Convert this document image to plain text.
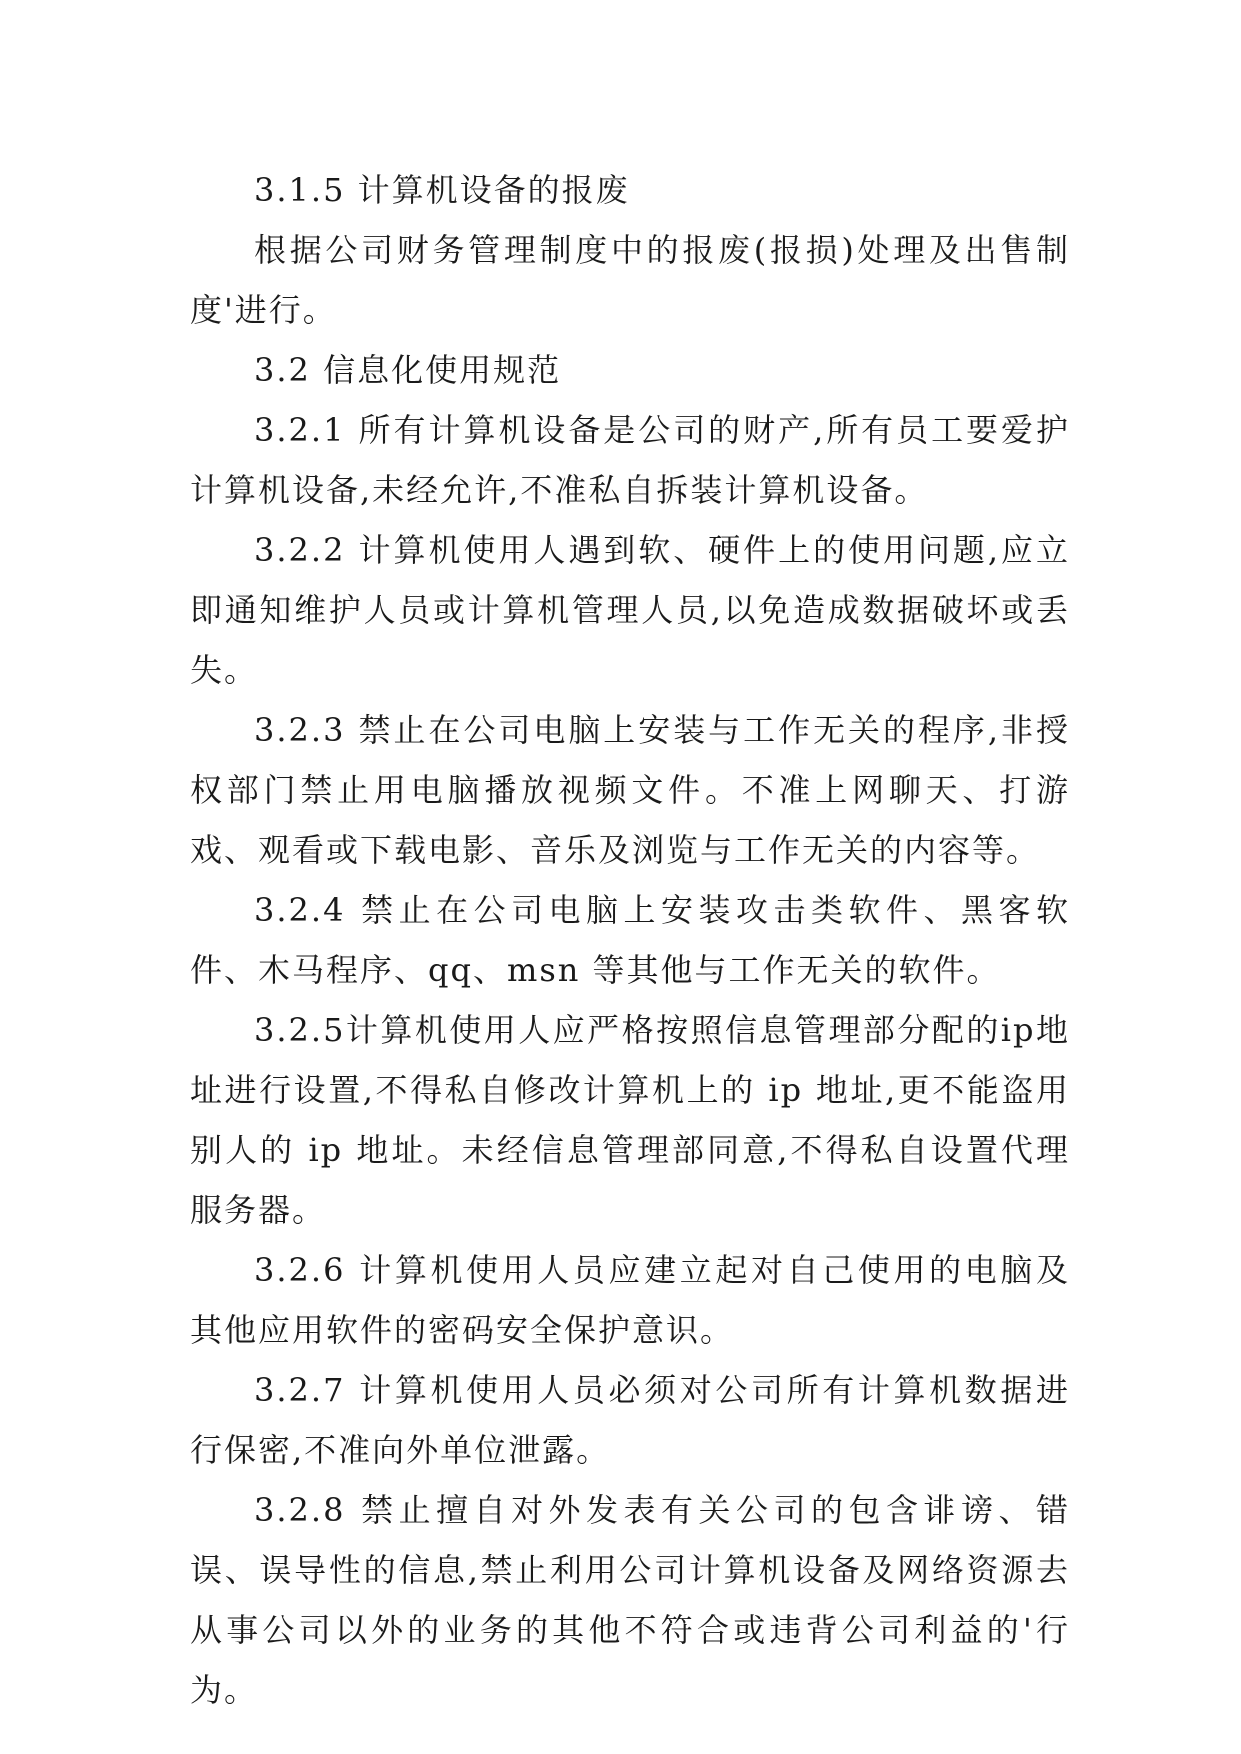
3.1.5 计算机设备的报废

根据公司财务管理制度中的报废(报损)处理及出售制度'进行。

3.2 信息化使用规范

3.2.1 所有计算机设备是公司的财产,所有员工要爱护计算机设备,未经允许,不准私自拆装计算机设备。

3.2.2 计算机使用人遇到软、硬件上的使用问题,应立即通知维护人员或计算机管理人员,以免造成数据破坏或丢失。

3.2.3 禁止在公司电脑上安装与工作无关的程序,非授权部门禁止用电脑播放视频文件。不准上网聊天、打游戏、观看或下载电影、音乐及浏览与工作无关的内容等。

3.2.4 禁止在公司电脑上安装攻击类软件、黑客软件、木马程序、qq、msn 等其他与工作无关的软件。

3.2.5计算机使用人应严格按照信息管理部分配的ip地址进行设置,不得私自修改计算机上的 ip 地址,更不能盗用别人的 ip 地址。未经信息管理部同意,不得私自设置代理服务器。

3.2.6 计算机使用人员应建立起对自己使用的电脑及其他应用软件的密码安全保护意识。

3.2.7 计算机使用人员必须对公司所有计算机数据进行保密,不准向外单位泄露。

3.2.8 禁止擅自对外发表有关公司的包含诽谤、错误、误导性的信息,禁止利用公司计算机设备及网络资源去从事公司以外的业务的其他不符合或违背公司利益的'行为。
